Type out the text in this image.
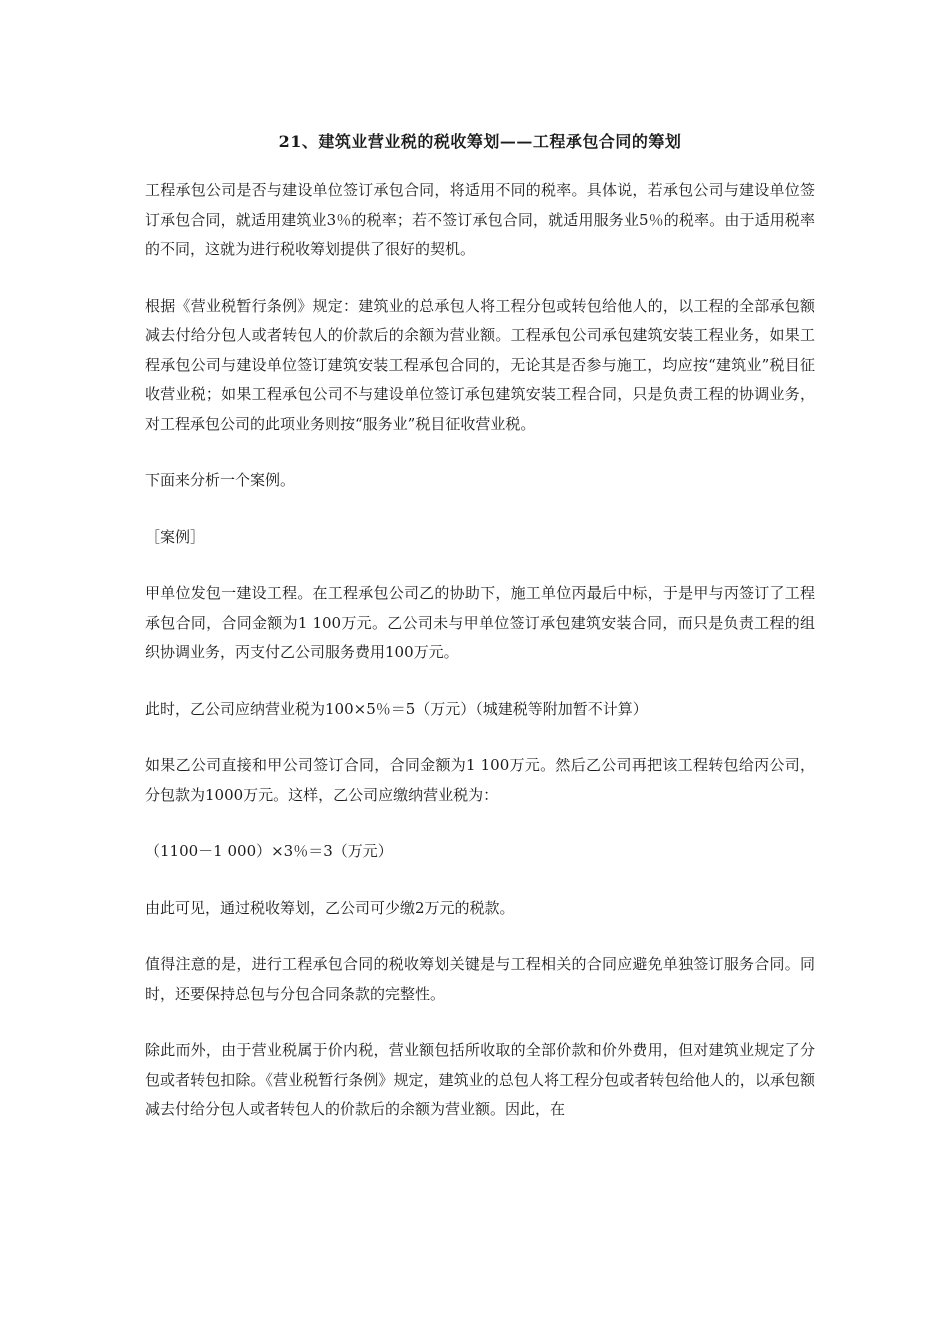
21、建筑业营业税的税收筹划——工程承包合同的筹划

工程承包公司是否与建设单位签订承包合同，将适用不同的税率。具体说，若承包公司与建设单位签订承包合同，就适用建筑业3％的税率；若不签订承包合同，就适用服务业5％的税率。由于适用税率的不同，这就为进行税收筹划提供了很好的契机。

根据《营业税暂行条例》规定：建筑业的总承包人将工程分包或转包给他人的，以工程的全部承包额减去付给分包人或者转包人的价款后的余额为营业额。工程承包公司承包建筑安装工程业务，如果工程承包公司与建设单位签订建筑安装工程承包合同的，无论其是否参与施工，均应按“建筑业”税目征收营业税；如果工程承包公司不与建设单位签订承包建筑安装工程合同，只是负责工程的协调业务，对工程承包公司的此项业务则按“服务业”税目征收营业税。

下面来分析一个案例。

［案例］

甲单位发包一建设工程。在工程承包公司乙的协助下，施工单位丙最后中标，于是甲与丙签订了工程承包合同，合同金额为1 100万元。乙公司未与甲单位签订承包建筑安装合同，而只是负责工程的组织协调业务，丙支付乙公司服务费用100万元。

此时，乙公司应纳营业税为100×5％＝5（万元）（城建税等附加暂不计算）

如果乙公司直接和甲公司签订合同，合同金额为1 100万元。然后乙公司再把该工程转包给丙公司，分包款为1000万元。这样，乙公司应缴纳营业税为：

（1100－1 000）×3％＝3（万元）

由此可见，通过税收筹划，乙公司可少缴2万元的税款。

值得注意的是，进行工程承包合同的税收筹划关键是与工程相关的合同应避免单独签订服务合同。同时，还要保持总包与分包合同条款的完整性。

除此而外，由于营业税属于价内税，营业额包括所收取的全部价款和价外费用，但对建筑业规定了分包或者转包扣除。《营业税暂行条例》规定，建筑业的总包人将工程分包或者转包给他人的，以承包额减去付给分包人或者转包人的价款后的余额为营业额。因此，在
